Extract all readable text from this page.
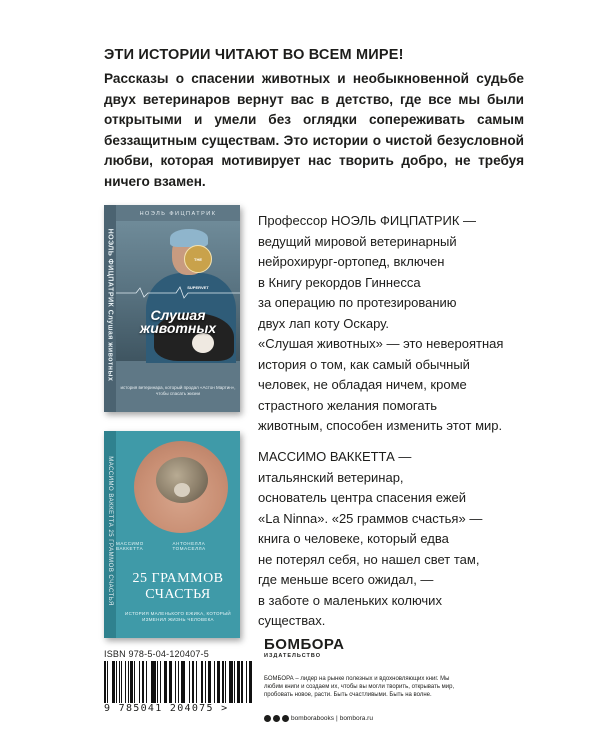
ЭТИ ИСТОРИИ ЧИТАЮТ ВО ВСЕМ МИРЕ!
Рассказы о спасении животных и необыкновенной судьбе двух ветеринаров вернут вас в детство, где все мы были открытыми и умели без оглядки сопереживать самым беззащитным существам. Это истории о чистой безусловной любви, которая мотивирует нас творить добро, не требуя ничего взамен.
НОЭЛЬ ФИЦПАТРИК Слушая животных
НОЭЛЬ ФИЦПАТРИК
THE SUPERVET
Слушая животных
история ветеринара, который продал «Астон Мартин», чтобы спасать жизни
МАССИМО ВАККЕТТА 25 ГРАММОВ СЧАСТЬЯ МАССИМО ВАККЕТТА
АНТОНЕЛЛА ТОМАСЕЛЛА
25 ГРАММОВ
СЧАСТЬЯ
ИСТОРИЯ МАЛЕНЬКОГО ЕЖИКА, КОТОРЫЙ ИЗМЕНИЛ ЖИЗНЬ ЧЕЛОВЕКА
Профессор НОЭЛЬ ФИЦПАТРИК —
ведущий мировой ветеринарный
нейрохирург-ортопед, включен
в Книгу рекордов Гиннесса
за операцию по протезированию
двух лап коту Оскару.
«Слушая животных» — это невероятная
история о том, как самый обычный
человек, не обладая ничем, кроме
страстного желания помогать
животным, способен изменить этот мир.
МАССИМО ВАККЕТТА —
итальянский ветеринар,
основатель центра спасения ежей
«La Ninna». «25 граммов счастья» —
книга о человеке, который едва
не потерял себя, но нашел свет там,
где меньше всего ожидал, —
в заботе о маленьких колючих
существах.
ISBN 978-5-04-120407-5
9 785041 204075 >
БОМБОРА
ИЗДАТЕЛЬСТВО
БОМБОРА – лидер на рынке полезных и вдохновляющих книг. Мы любим книги и создаем их, чтобы вы могли творить, открывать мир, пробовать новое, расти. Быть счастливыми. Быть на волне.
bomborabooks | bombora.ru
